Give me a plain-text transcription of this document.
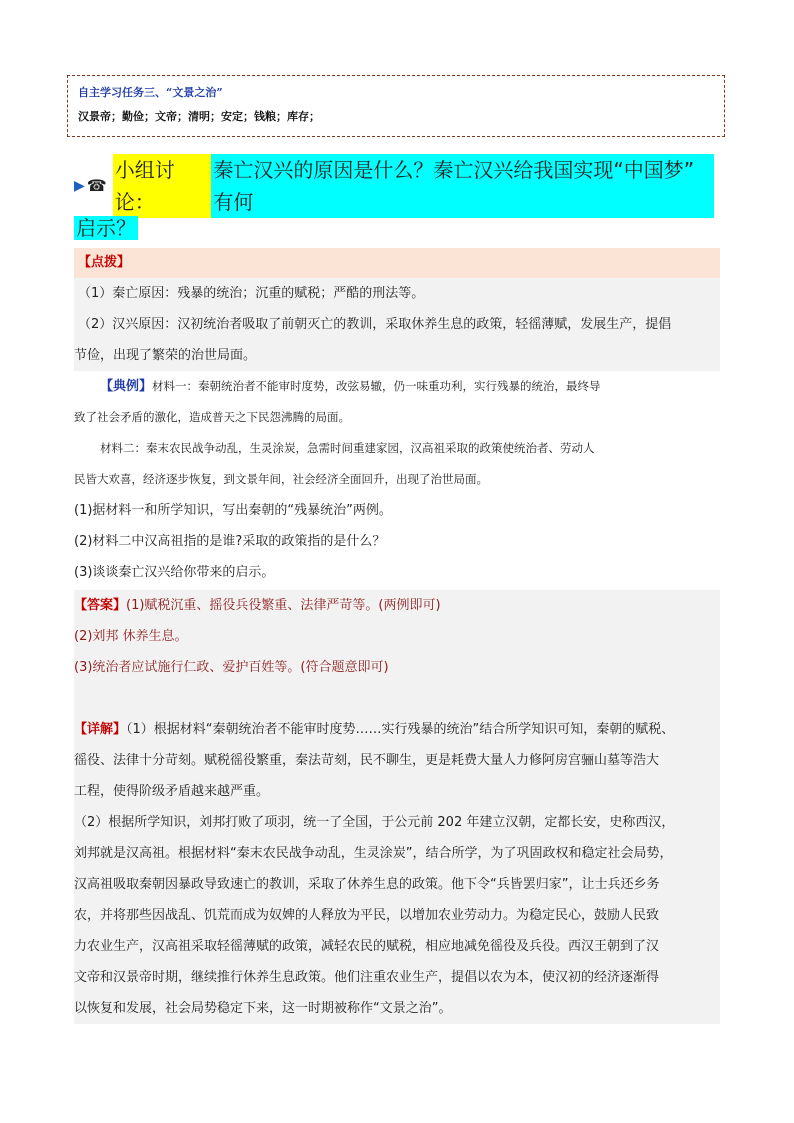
自主学习任务三、“文景之治”
汉景帝；勤俭；文帝；清明；安定；钱粮；库存；
▶ ☎
小组讨论：
秦亡汉兴的原因是什么？秦亡汉兴给我国实现“中国梦” 有何
启示？
【点拨】
（1）秦亡原因：残暴的统治；沉重的赋税；严酷的刑法等。
（2）汉兴原因：汉初统治者吸取了前朝灭亡的教训，采取休养生息的政策，轻徭薄赋，发展生产，提倡
节俭，出现了繁荣的治世局面。
【典例】材料一：秦朝统治者不能审时度势，改弦易辙，仍一味重功利，实行残暴的统治，最终导
致了社会矛盾的激化，造成普天之下民怨沸腾的局面。
材料二：秦末农民战争动乱，生灵涂炭，急需时间重建家园，汉高祖采取的政策使统治者、劳动人
民皆大欢喜，经济逐步恢复，到文景年间，社会经济全面回升，出现了治世局面。
(1)据材料一和所学知识，写出秦朝的“残暴统治”两例。
(2)材料二中汉高祖指的是谁?采取的政策指的是什么？
(3)谈谈秦亡汉兴给你带来的启示。
【答案】(1)赋税沉重、摇役兵役繁重、法律严苛等。(两例即可)
(2)刘邦 休养生息。
(3)统治者应试施行仁政、爱护百姓等。(符合题意即可)

【详解】（1）根据材料“秦朝统治者不能审时度势……实行残暴的统治”结合所学知识可知，秦朝的赋税、
徭役、法律十分苛刻。赋税徭役繁重，秦法苛刻，民不聊生，更是耗费大量人力修阿房宫骊山墓等浩大
工程，使得阶级矛盾越来越严重。
（2）根据所学知识，刘邦打败了项羽，统一了全国，于公元前 202 年建立汉朝，定都长安，史称西汉，
刘邦就是汉高祖。根据材料“秦末农民战争动乱，生灵涂炭”，结合所学，为了巩固政权和稳定社会局势，
汉高祖吸取秦朝因暴政导致速亡的教训，采取了休养生息的政策。他下令“兵皆罢归家”，让士兵还乡务
农，并将那些因战乱、饥荒而成为奴婢的人释放为平民，以增加农业劳动力。为稳定民心，鼓励人民致
力农业生产，汉高祖采取轻徭薄赋的政策，减轻农民的赋税，相应地减免徭役及兵役。西汉王朝到了汉
文帝和汉景帝时期，继续推行休养生息政策。他们注重农业生产，提倡以农为本，使汉初的经济逐渐得
以恢复和发展，社会局势稳定下来，这一时期被称作“文景之治”。
